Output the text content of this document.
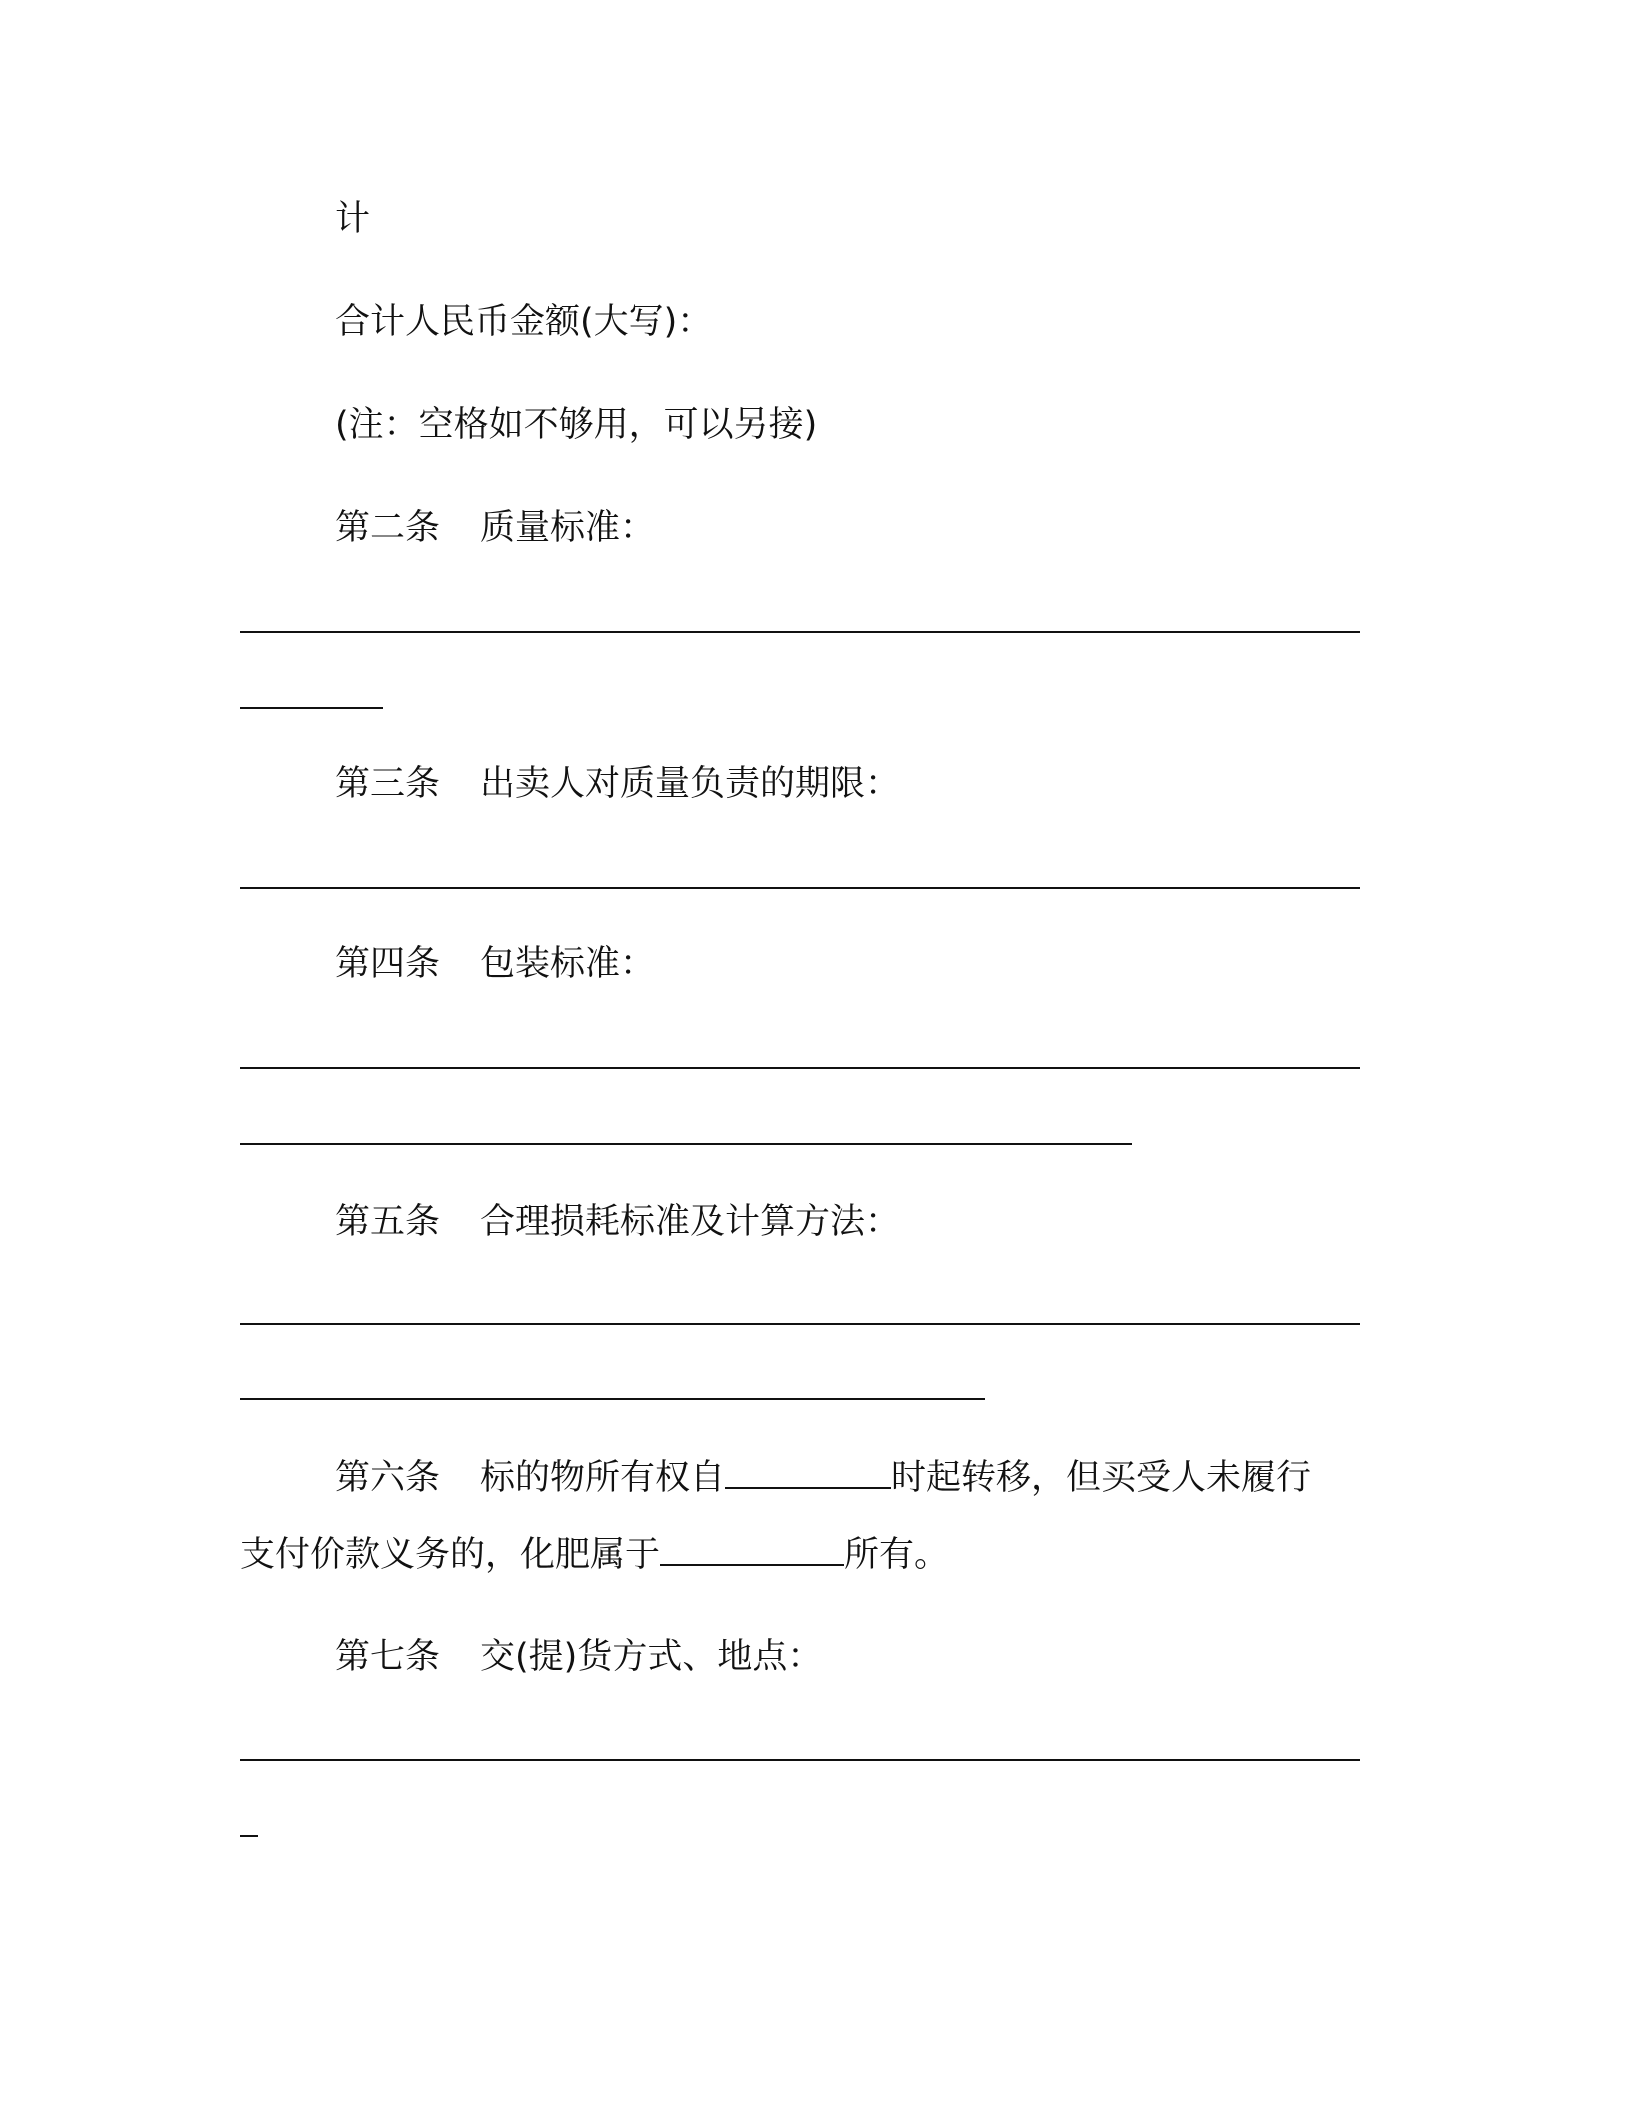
计

合计人民币金额(大写)：

(注：空格如不够用，可以另接)

第二条 质量标准：

第三条 出卖人对质量负责的期限：

第四条 包装标准：

第五条 合理损耗标准及计算方法：

第六条 标的物所有权自	时起转移，但买受人未履行

支付价款义务的，化肥属于	所有。

第七条 交(提)货方式、地点：
